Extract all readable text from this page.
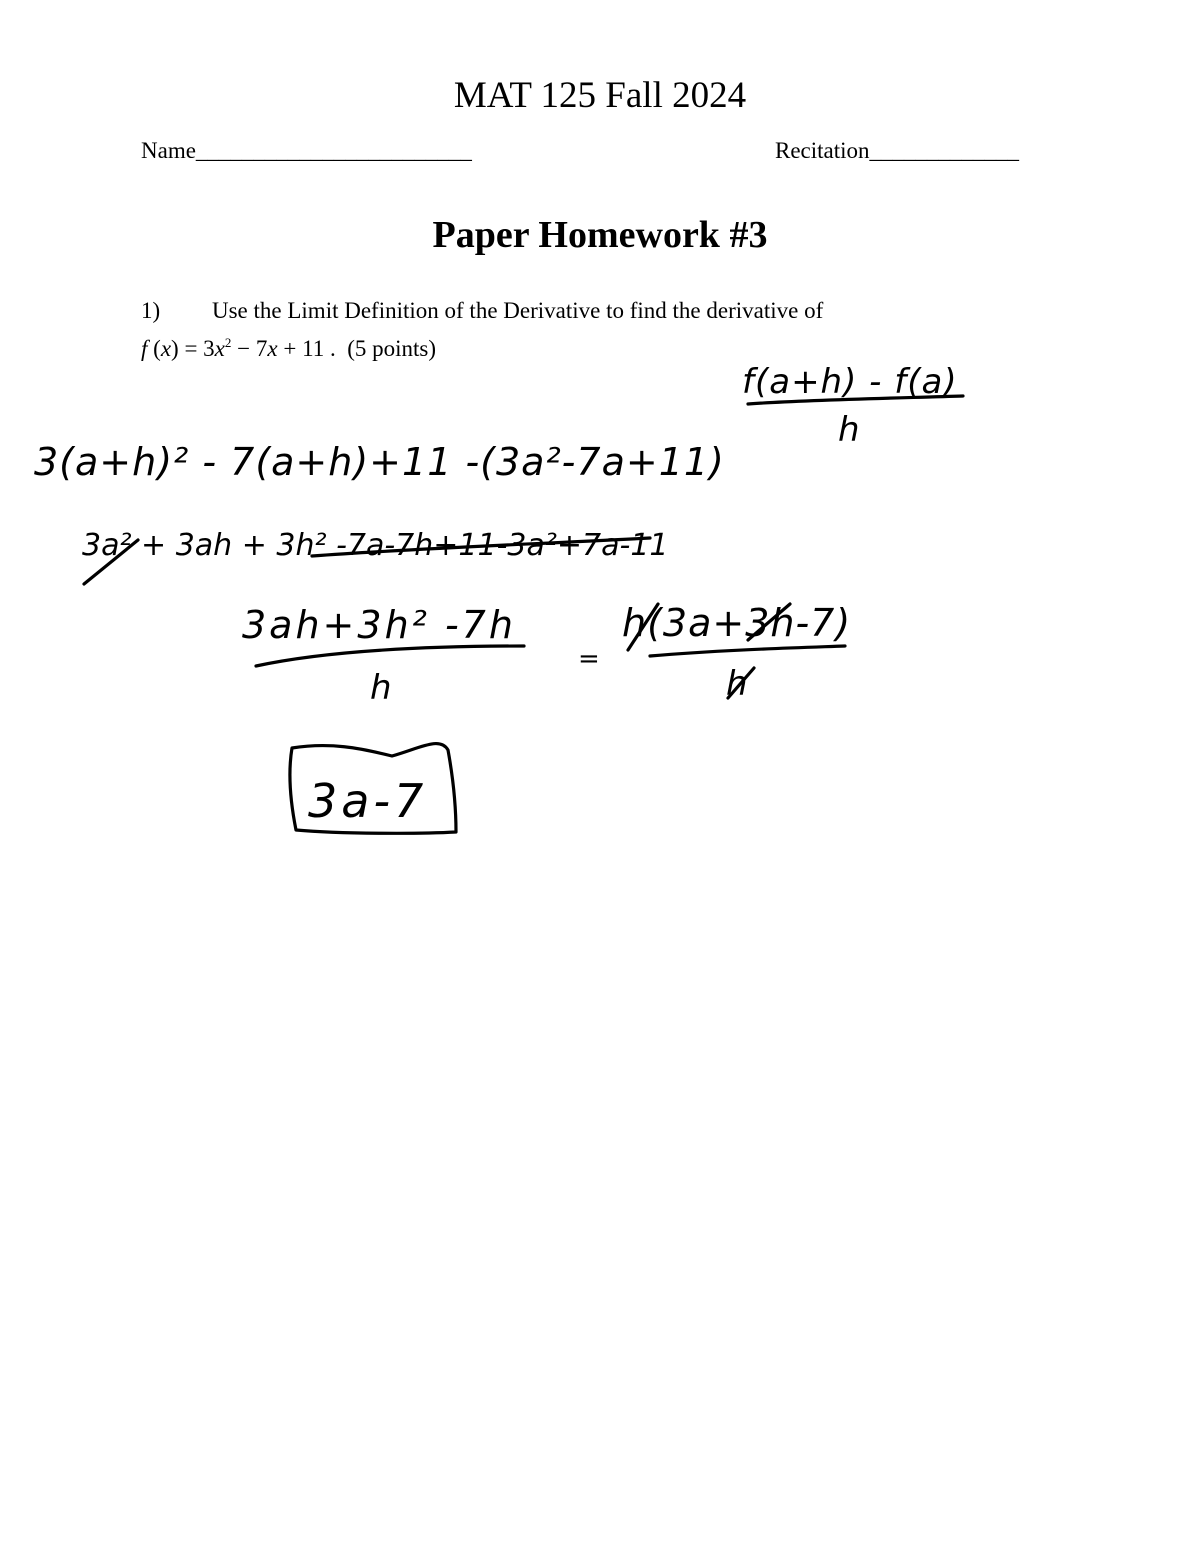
MAT 125 Fall 2024
Name________________________	Recitation_____________
Paper Homework #3
1) Use the Limit Definition of the Derivative to find the derivative of
f $(x) = 3x^2 - 7x + 11$ .  (5 points)
f(a+h) - f(a)
h
3(a+h)² - 7(a+h)+11 -(3a²-7a+11)
3a² + 3ah + 3h² -7a-7h+11-3a²+7a-11
3ah+3h² -7h
h
=
h(3a+3h-7)
h
3a-7
